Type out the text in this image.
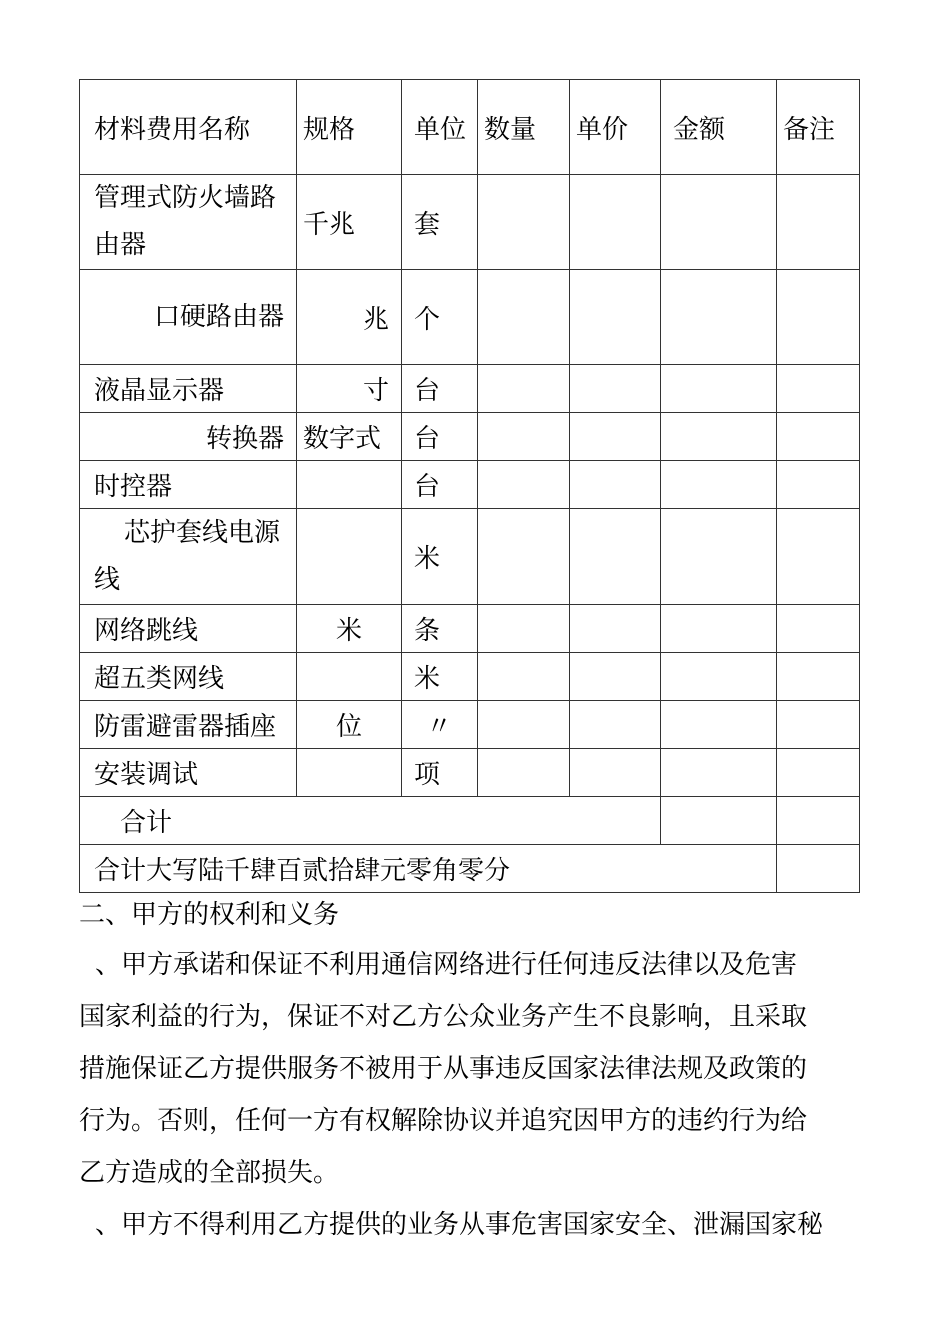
材料费用名称	规格	单位	数量	单价	金额	备注
管理式防火墙路由器	千兆	套				

口硬路由器	兆	个				
液晶显示器	寸	台				
转换器	数字式	台				
时控器		台				
芯护套线电源线		米				
网络跳线	米	条				
超五类网线		米				
防雷避雷器插座	位	〃				
安装调试		项				
合计						
合计大写陆千肆百贰拾肆元零角零分						

二、甲方的权利和义务

、甲方承诺和保证不利用通信网络进行任何违反法律以及危害

国家利益的行为，保证不对乙方公众业务产生不良影响，且采取

措施保证乙方提供服务不被用于从事违反国家法律法规及政策的

行为。否则，任何一方有权解除协议并追究因甲方的违约行为给

乙方造成的全部损失。

、甲方不得利用乙方提供的业务从事危害国家安全、泄漏国家秘
